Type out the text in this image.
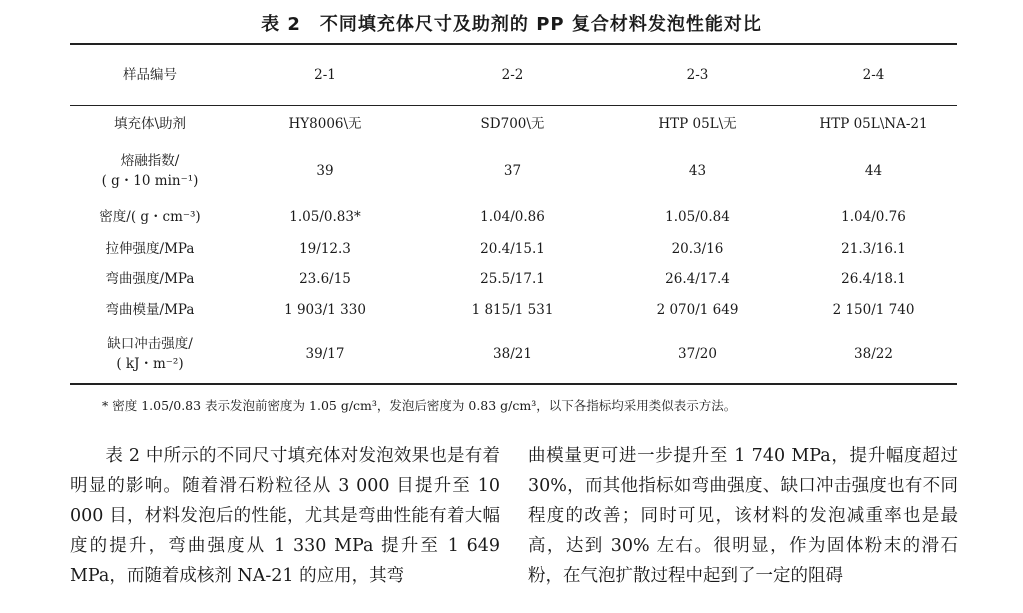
表 2　不同填充体尺寸及助剂的 PP 复合材料发泡性能对比
样品编号	2-1	2-2	2-3	2-4
填充体\助剂	HY8006\无	SD700\无	HTP 05L\无	HTP 05L\NA-21
熔融指数/
( g・10 min⁻¹)	39	37	43	44
密度/( g・cm⁻³)	1.05/0.83*	1.04/0.86	1.05/0.84	1.04/0.76
拉伸强度/MPa	19/12.3	20.4/15.1	20.3/16	21.3/16.1
弯曲强度/MPa	23.6/15	25.5/17.1	26.4/17.4	26.4/18.1
弯曲模量/MPa	1 903/1 330	1 815/1 531	2 070/1 649	2 150/1 740
缺口冲击强度/
( kJ・m⁻²)	39/17	38/21	37/20	38/22
* 密度 1.05/0.83 表示发泡前密度为 1.05 g/cm³，发泡后密度为 0.83 g/cm³，以下各指标均采用类似表示方法。

　　表 2 中所示的不同尺寸填充体对发泡效果也是有着明显的影响。随着滑石粉粒径从 3 000 目提升至 10 000 目，材料发泡后的性能，尤其是弯曲性能有着大幅度的提升，弯曲强度从 1 330 MPa 提升至 1 649 MPa，而随着成核剂 NA-21 的应用，其弯

曲模量更可进一步提升至 1 740 MPa，提升幅度超过 30%，而其他指标如弯曲强度、缺口冲击强度也有不同程度的改善；同时可见，该材料的发泡减重率也是最高，达到 30% 左右。很明显，作为固体粉末的滑石粉，在气泡扩散过程中起到了一定的阻碍
